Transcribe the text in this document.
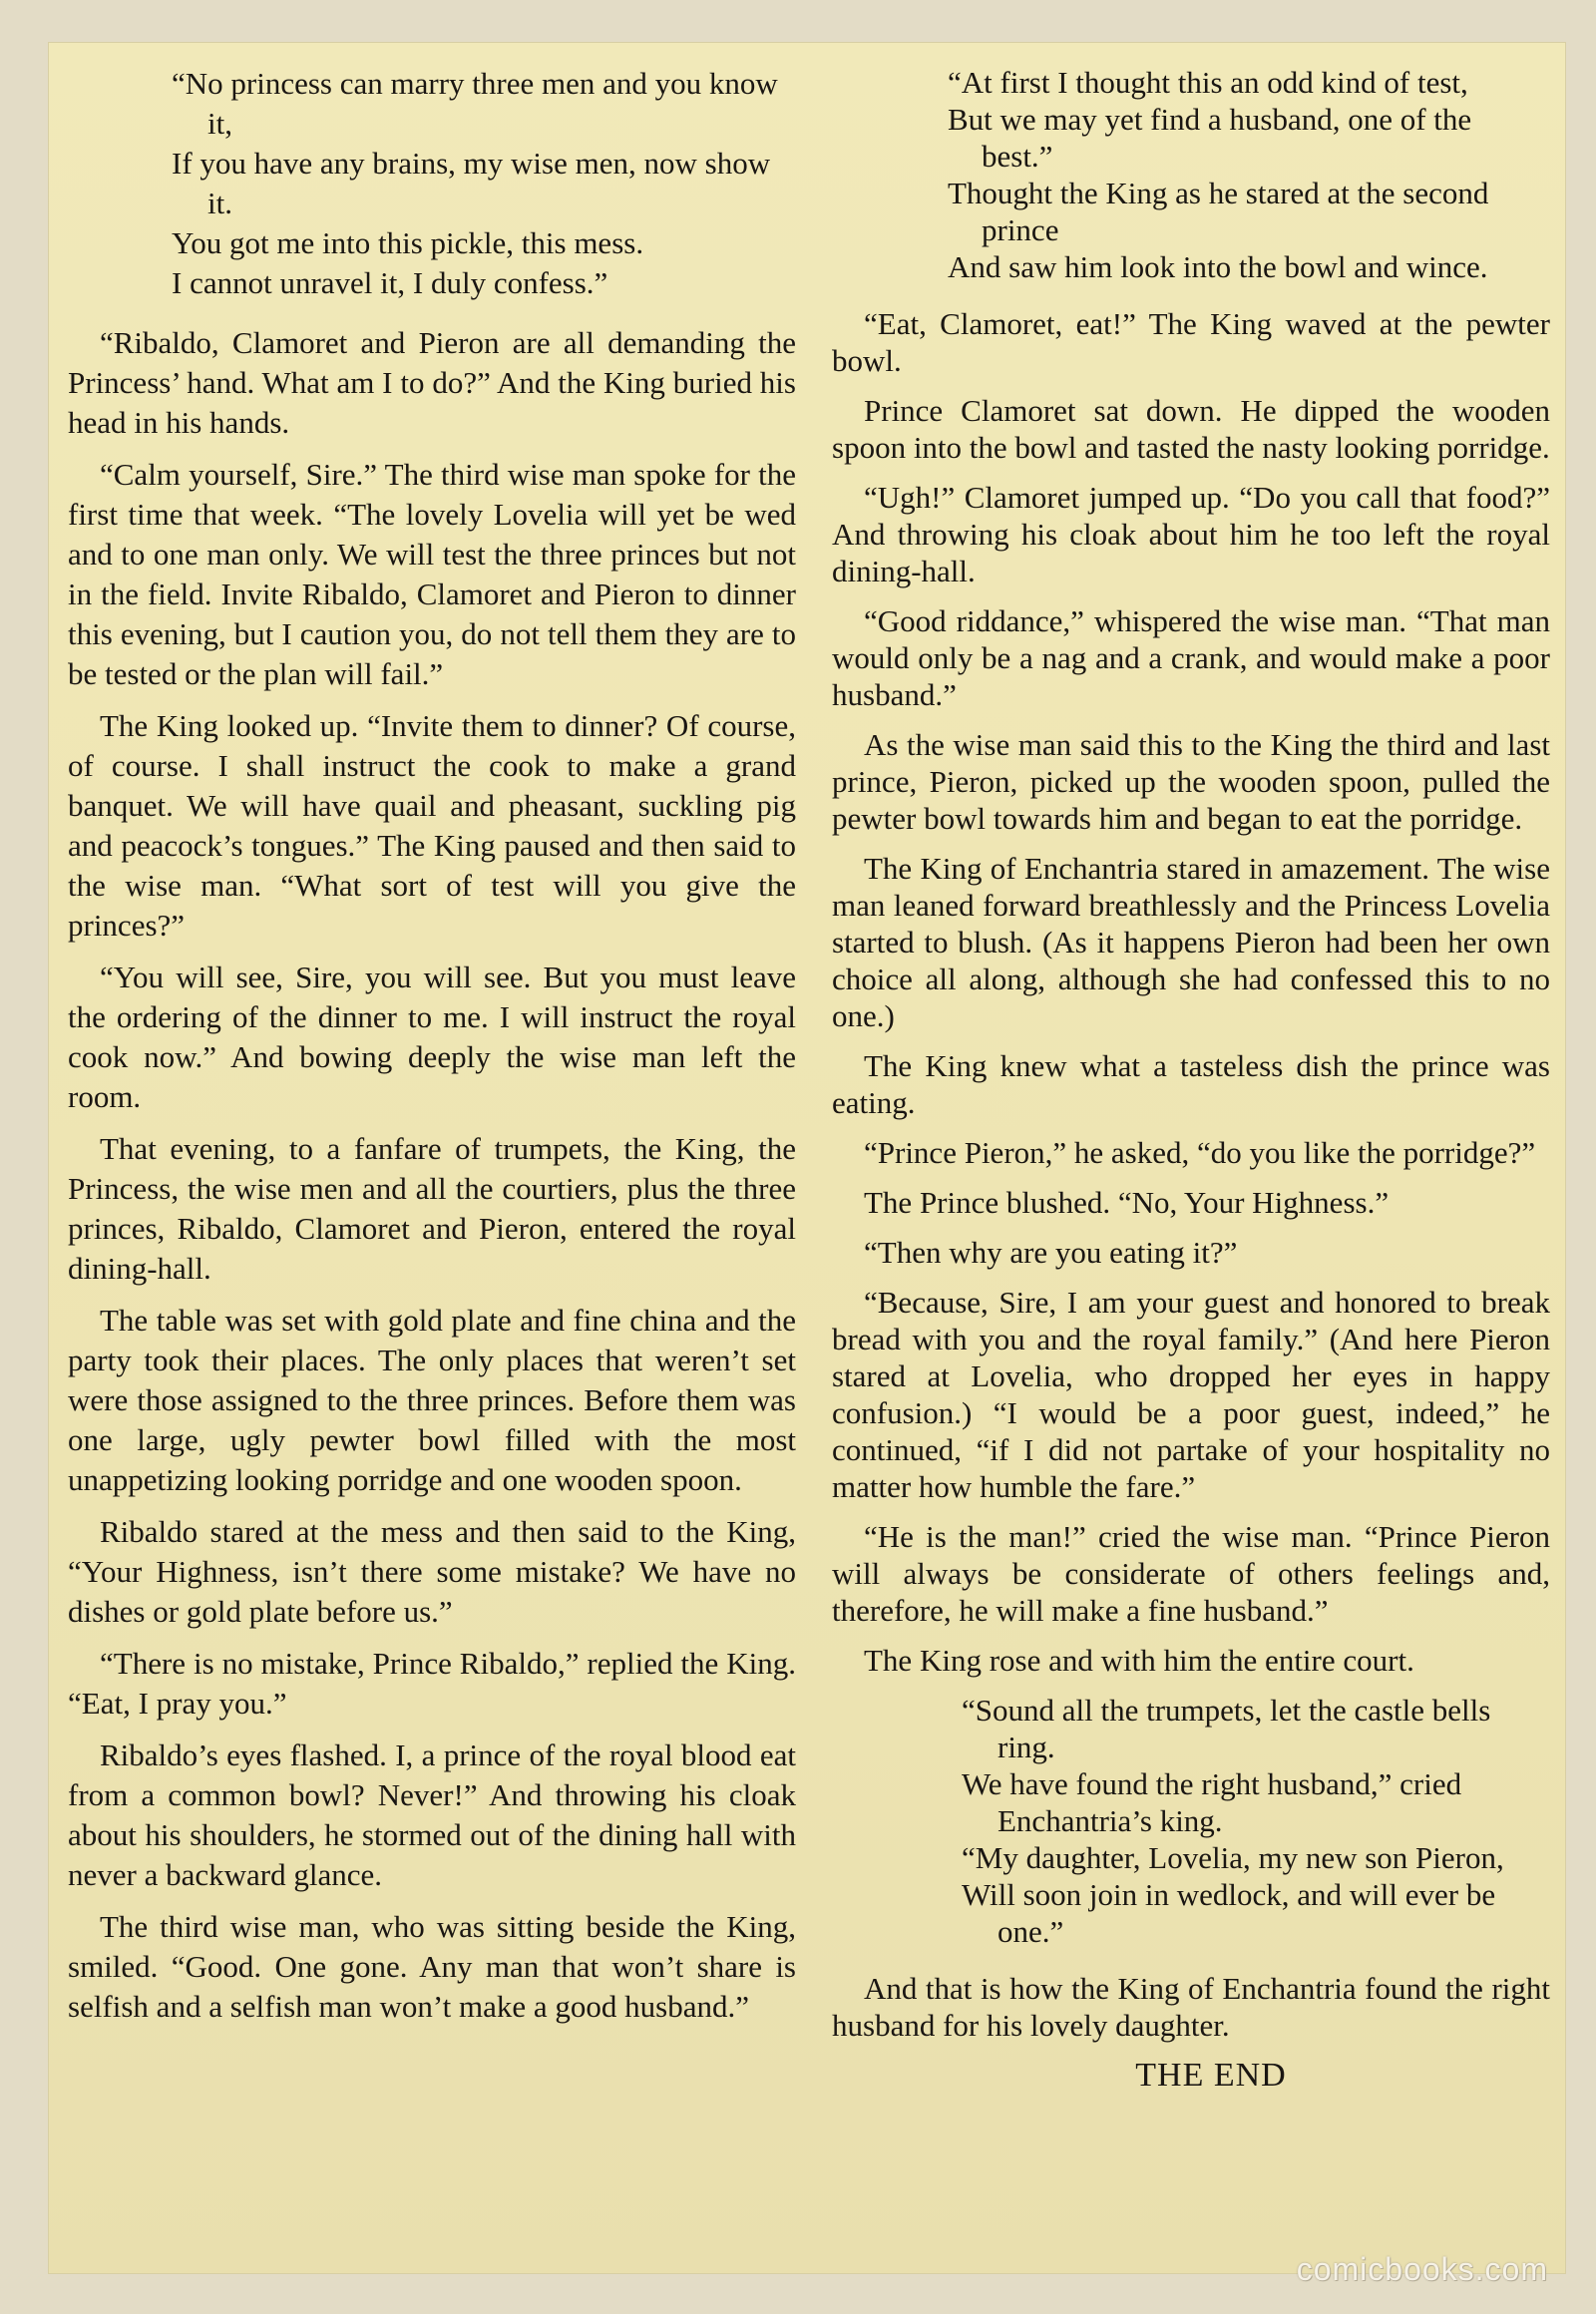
“No princess can marry three men and you know it,
If you have any brains, my wise men, now show it.
You got me into this pickle, this mess.
I cannot unravel it, I duly confess.”

“Ribaldo, Clamoret and Pieron are all demanding the Princess’ hand. What am I to do?” And the King buried his head in his hands.

“Calm yourself, Sire.” The third wise man spoke for the first time that week. “The lovely Lovelia will yet be wed and to one man only. We will test the three princes but not in the field. Invite Ribaldo, Clamoret and Pieron to dinner this evening, but I caution you, do not tell them they are to be tested or the plan will fail.”

The King looked up. “Invite them to dinner? Of course, of course. I shall instruct the cook to make a grand banquet. We will have quail and pheasant, suckling pig and peacock’s tongues.” The King paused and then said to the wise man. “What sort of test will you give the princes?”

“You will see, Sire, you will see. But you must leave the ordering of the dinner to me. I will instruct the royal cook now.” And bowing deeply the wise man left the room.

That evening, to a fanfare of trumpets, the King, the Princess, the wise men and all the courtiers, plus the three princes, Ribaldo, Clamoret and Pieron, entered the royal dining-hall.

The table was set with gold plate and fine china and the party took their places. The only places that weren’t set were those assigned to the three princes. Before them was one large, ugly pewter bowl filled with the most unappetizing looking porridge and one wooden spoon.

Ribaldo stared at the mess and then said to the King, “Your Highness, isn’t there some mistake? We have no dishes or gold plate before us.”

“There is no mistake, Prince Ribaldo,” replied the King. “Eat, I pray you.”

Ribaldo’s eyes flashed. I, a prince of the royal blood eat from a common bowl? Never!” And throwing his cloak about his shoulders, he stormed out of the dining hall with never a backward glance.

The third wise man, who was sitting beside the King, smiled. “Good. One gone. Any man that won’t share is selfish and a selfish man won’t make a good husband.”

“At first I thought this an odd kind of test,
But we may yet find a husband, one of the best.”
Thought the King as he stared at the second prince
And saw him look into the bowl and wince.

“Eat, Clamoret, eat!” The King waved at the pewter bowl.

Prince Clamoret sat down. He dipped the wooden spoon into the bowl and tasted the nasty looking porridge.

“Ugh!” Clamoret jumped up. “Do you call that food?” And throwing his cloak about him he too left the royal dining-hall.

“Good riddance,” whispered the wise man. “That man would only be a nag and a crank, and would make a poor husband.”

As the wise man said this to the King the third and last prince, Pieron, picked up the wooden spoon, pulled the pewter bowl towards him and began to eat the porridge.

The King of Enchantria stared in amazement. The wise man leaned forward breathlessly and the Princess Lovelia started to blush. (As it happens Pieron had been her own choice all along, although she had confessed this to no one.)

The King knew what a tasteless dish the prince was eating.

“Prince Pieron,” he asked, “do you like the porridge?”

The Prince blushed. “No, Your Highness.”

“Then why are you eating it?”

“Because, Sire, I am your guest and honored to break bread with you and the royal family.” (And here Pieron stared at Lovelia, who dropped her eyes in happy confusion.) “I would be a poor guest, indeed,” he continued, “if I did not partake of your hospitality no matter how humble the fare.”

“He is the man!” cried the wise man. “Prince Pieron will always be considerate of others feelings and, therefore, he will make a fine husband.”

The King rose and with him the entire court.

“Sound all the trumpets, let the castle bells ring.
We have found the right husband,” cried Enchantria’s king.
“My daughter, Lovelia, my new son Pieron,
Will soon join in wedlock, and will ever be one.”

And that is how the King of Enchantria found the right husband for his lovely daughter.

THE END
comicbooks.com
